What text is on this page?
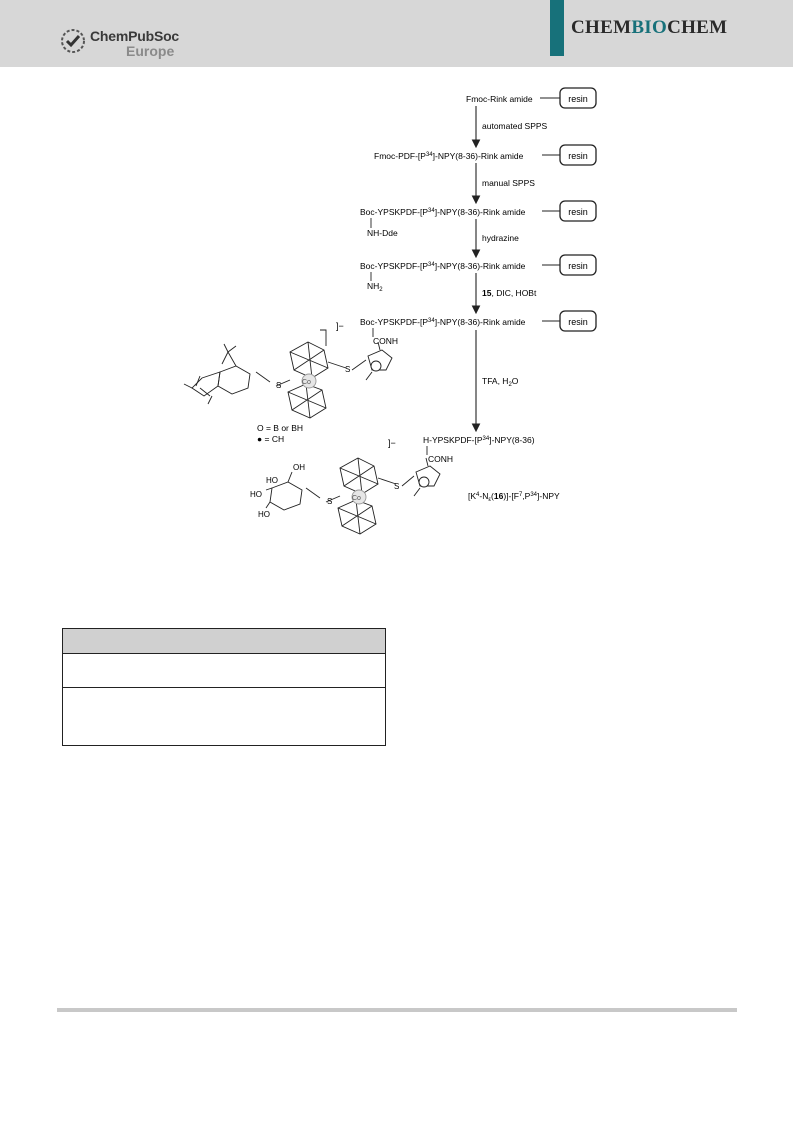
ChemPubSoc
Europe
CHEMBIOCHEM
resin
resin
resin
resin
resin
Fmoc-Rink amide
Fmoc-$PDF-[P^{34}]-NPY(8-36)$-Rink amide
Boc-$YPSKPDF-[P^{34}]-NPY(8-36)$-Rink amide
Boc-$YPSKPDF-[P^{34}]-NPY(8-36)$-Rink amide
Boc-$YPSKPDF-[P^{34}]-NPY(8-36)$-Rink amide
$H-YPSKPDF-[P^{34}]-NPY(8-36)$
NH-Dde
$NH_2$
CONH
CONH
automated SPPS
manual SPPS
hydrazine
15, DIC, HOBt
TFA, $H_2O$
$[K^4-N_\varepsilon(16)]-[F^7,P^{34}]$-NPY
Co
]−
S
S
O = B or BH
● = CH
Co
]−
S
S
OH
HO
HO
HO
